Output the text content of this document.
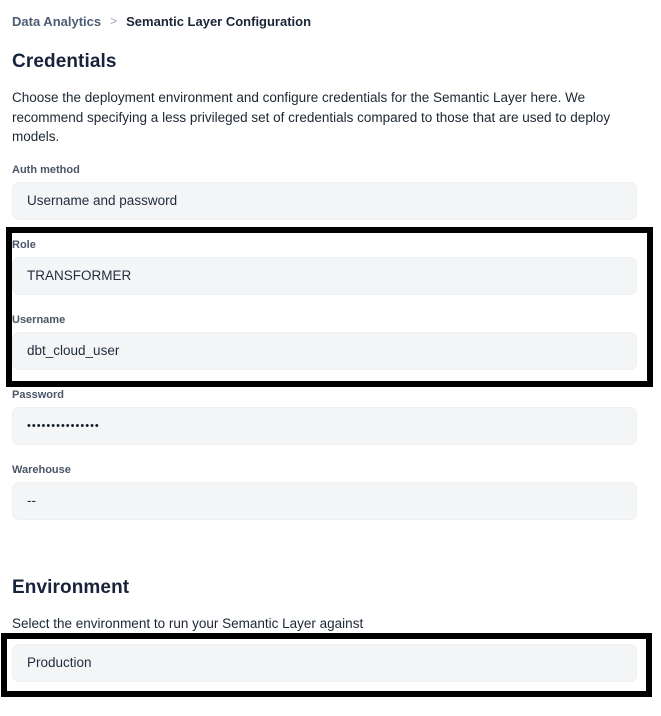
Data Analytics > Semantic Layer Configuration
Credentials

Choose the deployment environment and configure credentials for the Semantic Layer here. We recommend specifying a less privileged set of credentials compared to those that are used to deploy models.

Auth method
Username and password
Role
TRANSFORMER
Username
dbt_cloud_user
Password
•••••••••••••••
Warehouse
--
Environment

Select the environment to run your Semantic Layer against

Production
